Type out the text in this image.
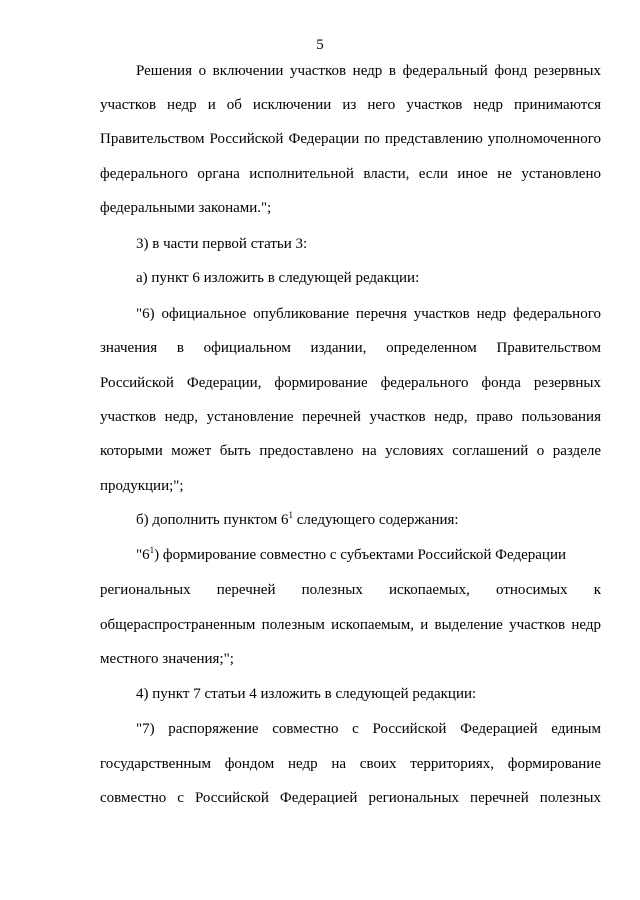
5
Решения о включении участков недр в федеральный фонд резервных
участков недр и об исключении из него участков недр принимаются
Правительством Российской Федерации по представлению уполномоченного
федерального органа исполнительной власти, если иное не установлено
федеральными законами.";
3) в части первой статьи 3:
а) пункт 6 изложить в следующей редакции:
"6) официальное опубликование перечня участков недр федерального
значения в официальном издании, определенном Правительством
Российской Федерации, формирование федерального фонда резервных
участков недр, установление перечней участков недр, право пользования
которыми может быть предоставлено на условиях соглашений о разделе
продукции;";
б) дополнить пунктом $6^1$ следующего содержания:
"$6^1$) формирование совместно с субъектами Российской Федерации
региональных перечней полезных ископаемых, относимых к
общераспространенным полезным ископаемым, и выделение участков недр
местного значения;";
4) пункт 7 статьи 4 изложить в следующей редакции:
"7) распоряжение совместно с Российской Федерацией единым
государственным фондом недр на своих территориях, формирование
совместно с Российской Федерацией региональных перечней полезных
